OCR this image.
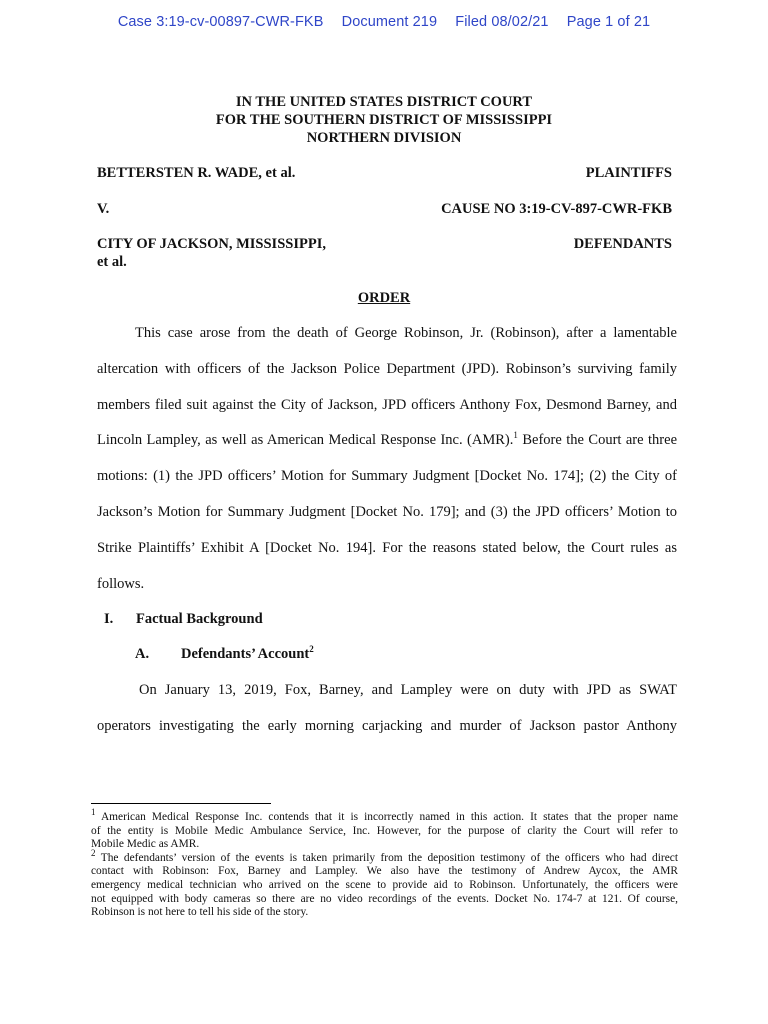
Case 3:19-cv-00897-CWR-FKB Document 219 Filed 08/02/21 Page 1 of 21
IN THE UNITED STATES DISTRICT COURT
FOR THE SOUTHERN DISTRICT OF MISSISSIPPI
NORTHERN DIVISION
BETTERSTEN R. WADE, et al.	PLAINTIFFS
V.	CAUSE NO 3:19-CV-897-CWR-FKB
CITY OF JACKSON, MISSISSIPPI,
et al.
DEFENDANTS
ORDER
This case arose from the death of George Robinson, Jr. (Robinson), after a lamentable
altercation with officers of the Jackson Police Department (JPD). Robinson’s surviving family
members filed suit against the City of Jackson, JPD officers Anthony Fox, Desmond Barney, and
Lincoln Lampley, as well as American Medical Response Inc. (AMR).$^1$ Before the Court are three
motions: (1) the JPD officers’ Motion for Summary Judgment [Docket No. 174]; (2) the City of
Jackson’s Motion for Summary Judgment [Docket No. 179]; and (3) the JPD officers’ Motion to
Strike Plaintiffs’ Exhibit A [Docket No. 194]. For the reasons stated below, the Court rules as
follows.
I. Factual Background
A. Defendants’ Account$^2$
On January 13, 2019, Fox, Barney, and Lampley were on duty with JPD as SWAT
operators investigating the early morning carjacking and murder of Jackson pastor Anthony
$^1$ American Medical Response Inc. contends that it is incorrectly named in this action. It states that the proper name
of the entity is Mobile Medic Ambulance Service, Inc. However, for the purpose of clarity the Court will refer to
Mobile Medic as AMR.
$^2$ The defendants’ version of the events is taken primarily from the deposition testimony of the officers who had direct
contact with Robinson: Fox, Barney and Lampley. We also have the testimony of Andrew Aycox, the AMR
emergency medical technician who arrived on the scene to provide aid to Robinson. Unfortunately, the officers were
not equipped with body cameras so there are no video recordings of the events. Docket No. 174-7 at 121. Of course,
Robinson is not here to tell his side of the story.
